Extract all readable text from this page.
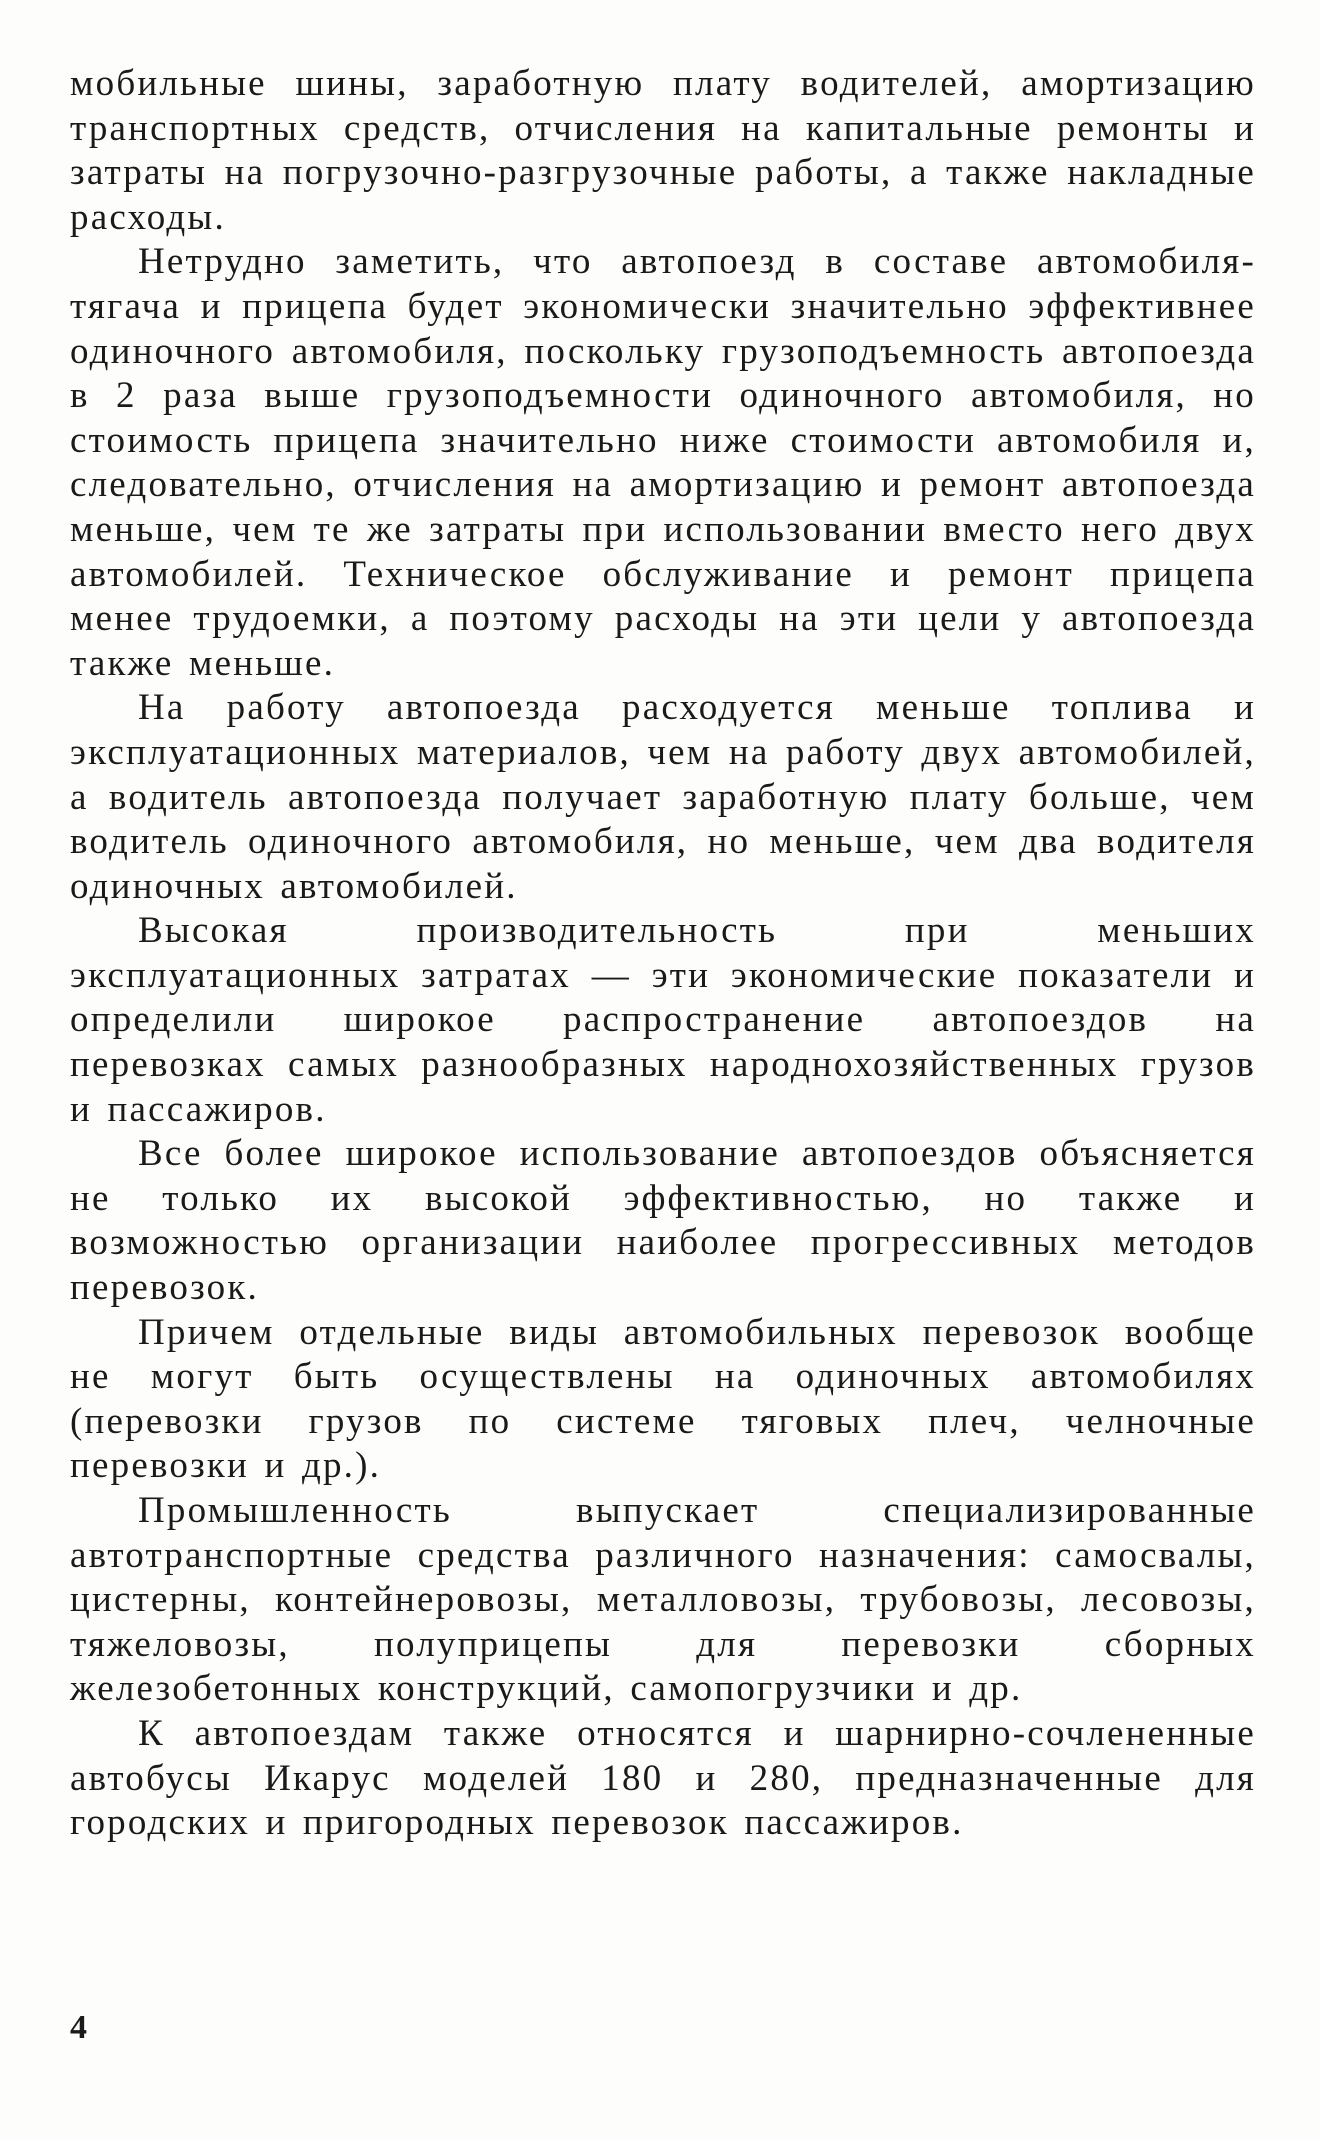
мобильные шины, заработную плату водителей, амортизацию транспортных средств, отчисления на капитальные ремонты и затраты на погрузочно-разгрузочные работы, а также накладные расходы.

Нетрудно заметить, что автопоезд в составе автомобиля-тягача и прицепа будет экономически значительно эффективнее одиночного автомобиля, поскольку грузоподъемность автопоезда в 2 раза выше грузоподъемности одиночного автомобиля, но стоимость прицепа значительно ниже стоимости автомобиля и, следовательно, отчисления на амортизацию и ремонт автопоезда меньше, чем те же затраты при использовании вместо него двух автомобилей. Техническое обслуживание и ремонт прицепа менее трудоемки, а поэтому расходы на эти цели у автопоезда также меньше.

На работу автопоезда расходуется меньше топлива и эксплуатационных материалов, чем на работу двух автомобилей, а водитель автопоезда получает заработную плату больше, чем водитель одиночного автомобиля, но меньше, чем два водителя одиночных автомобилей.

Высокая производительность при меньших эксплуатационных затратах — эти экономические показатели и определили широкое распространение автопоездов на перевозках самых разнообразных народнохозяйственных грузов и пассажиров.

Все более широкое использование автопоездов объясняется не только их высокой эффективностью, но также и возможностью организации наиболее прогрессивных методов перевозок.

Причем отдельные виды автомобильных перевозок вообще не могут быть осуществлены на одиночных автомобилях (перевозки грузов по системе тяговых плеч, челночные перевозки и др.).

Промышленность выпускает специализированные автотранспортные средства различного назначения: самосвалы, цистерны, контейнеровозы, металловозы, трубовозы, лесовозы, тяжеловозы, полуприцепы для перевозки сборных железобетонных конструкций, самопогрузчики и др.

К автопоездам также относятся и шарнирно-сочлененные автобусы Икарус моделей 180 и 280, предназначенные для городских и пригородных перевозок пассажиров.

4
